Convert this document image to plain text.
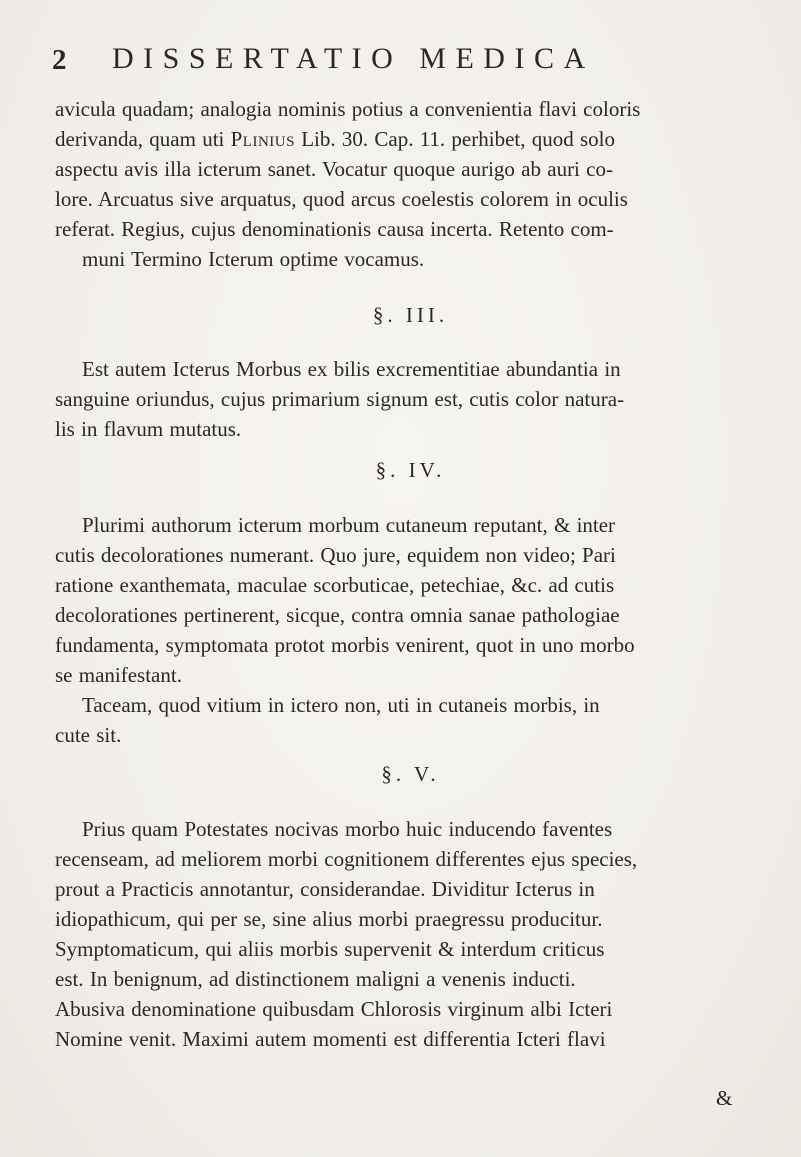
2 DISSERTATIO MEDICA
avicula quadam; analogia nominis potius a convenientia flavi coloris
derivanda, quam uti Plinius Lib. 30. Cap. 11. perhibet, quod solo
aspectu avis illa icterum sanet. Vocatur quoque aurigo ab auri co-
lore. Arcuatus sive arquatus, quod arcus coelestis colorem in oculis
referat. Regius, cujus denominationis causa incerta. Retento com-
muni Termino Icterum optime vocamus.
§. III.
Est autem Icterus Morbus ex bilis excrementitiae abundantia in
sanguine oriundus, cujus primarium signum est, cutis color natura-
lis in flavum mutatus.
§. IV.
Plurimi authorum icterum morbum cutaneum reputant, & inter
cutis decolorationes numerant. Quo jure, equidem non video; Pari
ratione exanthemata, maculae scorbuticae, petechiae, &c. ad cutis
decolorationes pertinerent, sicque, contra omnia sanae pathologiae
fundamenta, symptomata protot morbis venirent, quot in uno morbo
se manifestant.
Taceam, quod vitium in ictero non, uti in cutaneis morbis, in
cute sit.
§. V.
Prius quam Potestates nocivas morbo huic inducendo faventes
recensea​m, ad meliorem morbi cognitionem differentes ejus species,
prout a Practicis annotantur, considerandae. Dividitur Icterus in
idiopathicum, qui per se, sine alius morbi praegressu producitur.
Symptomaticum, qui aliis morbis supervenit & interdum criticus
est. In benignum, ad distinctionem maligni a venenis inducti.
Abusiva denominatione quibusdam Chlorosis virginum albi Icteri
Nomine venit. Maximi autem momenti est differentia Icteri flavi
&
